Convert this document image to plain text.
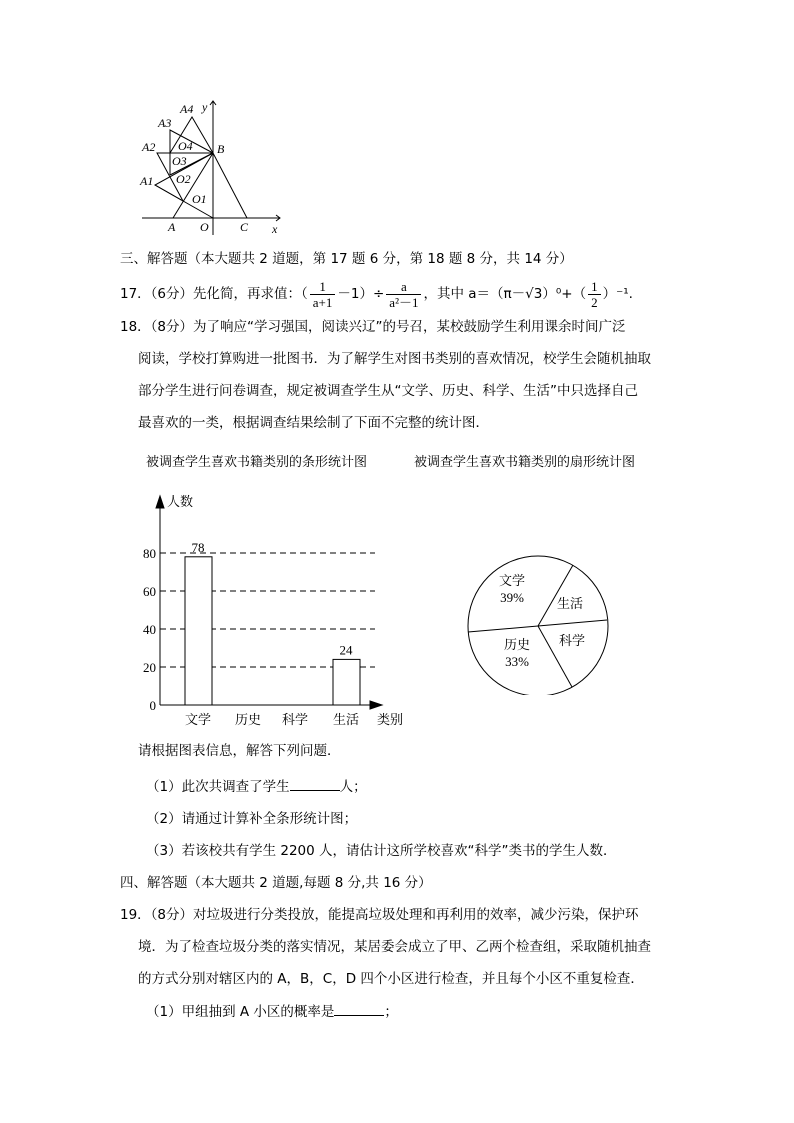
A4
A3
A2
A1
O4
O3
O2
O1
B
A O	C x
y
三、解答题（本大题共 2 道题，第 17 题 6 分，第 18 题 8 分，共 14 分）
17．（6分）先化简，再求值：（ $\frac{1}{a+1} -1)\div \frac{a}{\text{a²－1}}$ ，其中 $a=(\pi-√3)^0+( \frac{1}{2} )^{-1}$.
18．（8分）为了响应“学习强国，阅读兴辽”的号召，某校鼓励学生利用课余时间广泛
阅读，学校打算购进一批图书．为了解学生对图书类别的喜欢情况，校学生会随机抽取
部分学生进行问卷调查，规定被调查学生从“文学、历史、科学、生活”中只选择自己
最喜欢的一类，根据调查结果绘制了下面不完整的统计图．
被调查学生喜欢书籍类别的条形统计图	被调查学生喜欢书籍类别的扇形统计图
人数
类别
0
20
40
60
80
文学
78
历史 科学 生活
24
文学
39%	生活
科学
历史
33%
请根据图表信息，解答下列问题．
（1）此次共调查了学生	人；
（2）请通过计算补全条形统计图；
（3）若该校共有学生 2200 人，请估计这所学校喜欢“科学”类书的学生人数．
四、解答题（本大题共 2 道题,每题 8 分,共 16 分）
19．（8分）对垃圾进行分类投放，能提高垃圾处理和再利用的效率，减少污染，保护环
境．为了检查垃圾分类的落实情况，某居委会成立了甲、乙两个检查组，采取随机抽查
的方式分别对辖区内的 A，B，C，D 四个小区进行检查，并且每个小区不重复检查．
（1）甲组抽到 A 小区的概率是	；
